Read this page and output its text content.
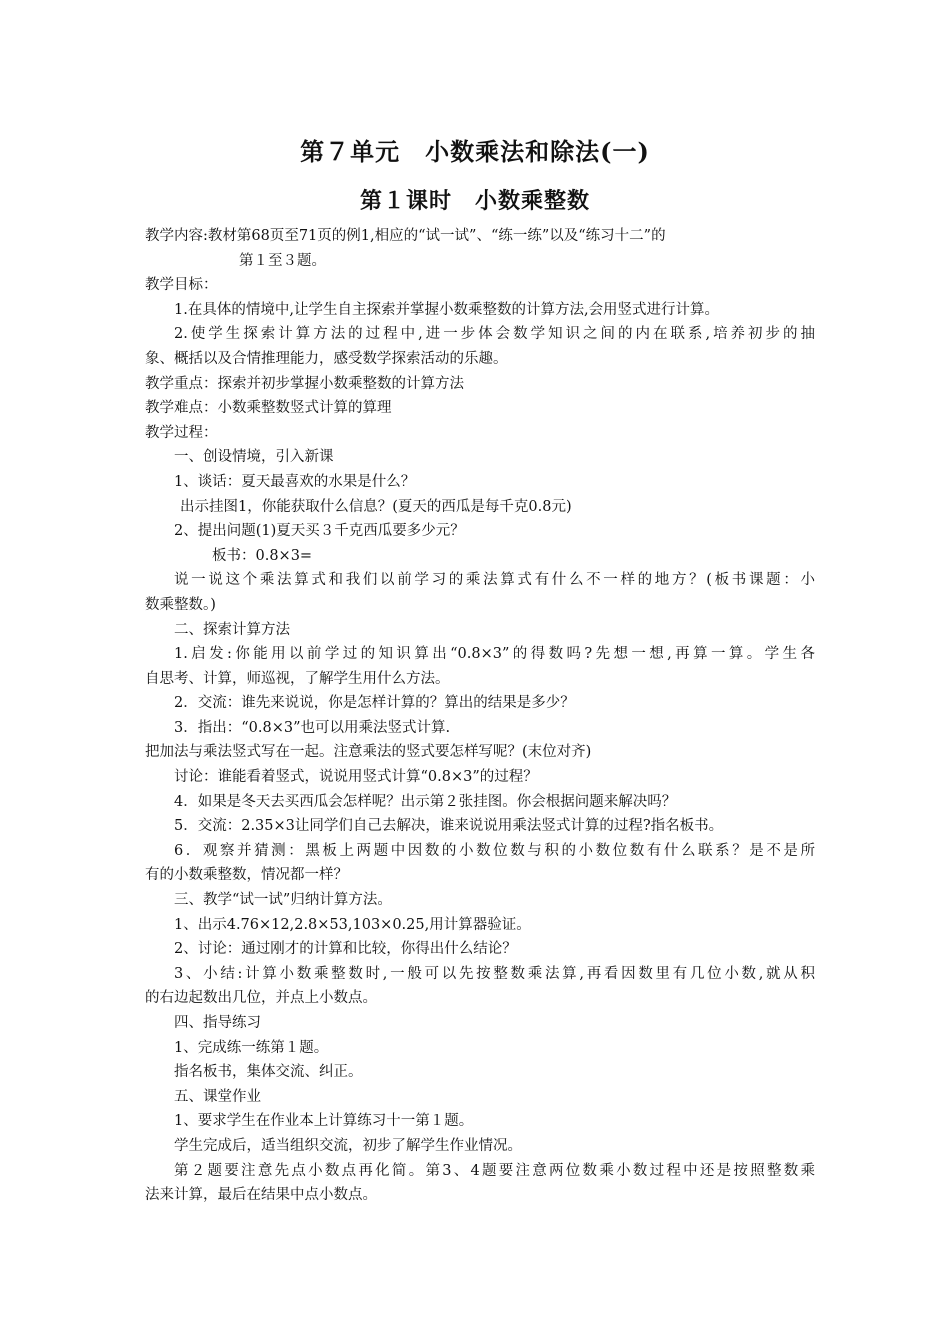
第７单元　小数乘法和除法(一)
第１课时　小数乘整数
教学内容:教材第68页至71页的例1,相应的“试一试”、“练一练”以及“练习十二”的
第１至３题。
教学目标：
1.在具体的情境中,让学生自主探索并掌握小数乘整数的计算方法,会用竖式进行计算。
2.使学生探索计算方法的过程中,进一步体会数学知识之间的内在联系,培养初步的抽
象、概括以及合情推理能力，感受数学探索活动的乐趣。
教学重点：探索并初步掌握小数乘整数的计算方法
教学难点：小数乘整数竖式计算的算理
教学过程：
一、创设情境，引入新课
1、谈话：夏天最喜欢的水果是什么？
出示挂图1，你能获取什么信息？(夏天的西瓜是每千克0.8元)
2、提出问题(1)夏天买３千克西瓜要多少元？
板书：0.8×3=
说一说这个乘法算式和我们以前学习的乘法算式有什么不一样的地方？(板书课题：小
数乘整数。)
二、探索计算方法
1.启发:你能用以前学过的知识算出“0.8×3”的得数吗?先想一想,再算一算。学生各
自思考、计算，师巡视，了解学生用什么方法。
2．交流：谁先来说说，你是怎样计算的？算出的结果是多少？
3．指出：“0.8×3”也可以用乘法竖式计算.
把加法与乘法竖式写在一起。注意乘法的竖式要怎样写呢？(末位对齐)
讨论：谁能看着竖式，说说用竖式计算“0.8×3”的过程？
4．如果是冬天去买西瓜会怎样呢？出示第２张挂图。你会根据问题来解决吗？
5．交流：2.35×3让同学们自己去解决，谁来说说用乘法竖式计算的过程?指名板书。
6．观察并猜测：黑板上两题中因数的小数位数与积的小数位数有什么联系？是不是所
有的小数乘整数，情况都一样？
三、教学“试一试”归纳计算方法。
1、出示4.76×12,2.8×53,103×0.25,用计算器验证。
2、讨论：通过刚才的计算和比较，你得出什么结论？
3、小结:计算小数乘整数时,一般可以先按整数乘法算,再看因数里有几位小数,就从积
的右边起数出几位，并点上小数点。
四、指导练习
1、完成练一练第１题。
指名板书，集体交流、纠正。
五、课堂作业
1、要求学生在作业本上计算练习十一第１题。
学生完成后，适当组织交流，初步了解学生作业情况。
第２题要注意先点小数点再化简。第3、4题要注意两位数乘小数过程中还是按照整数乘
法来计算，最后在结果中点小数点。
